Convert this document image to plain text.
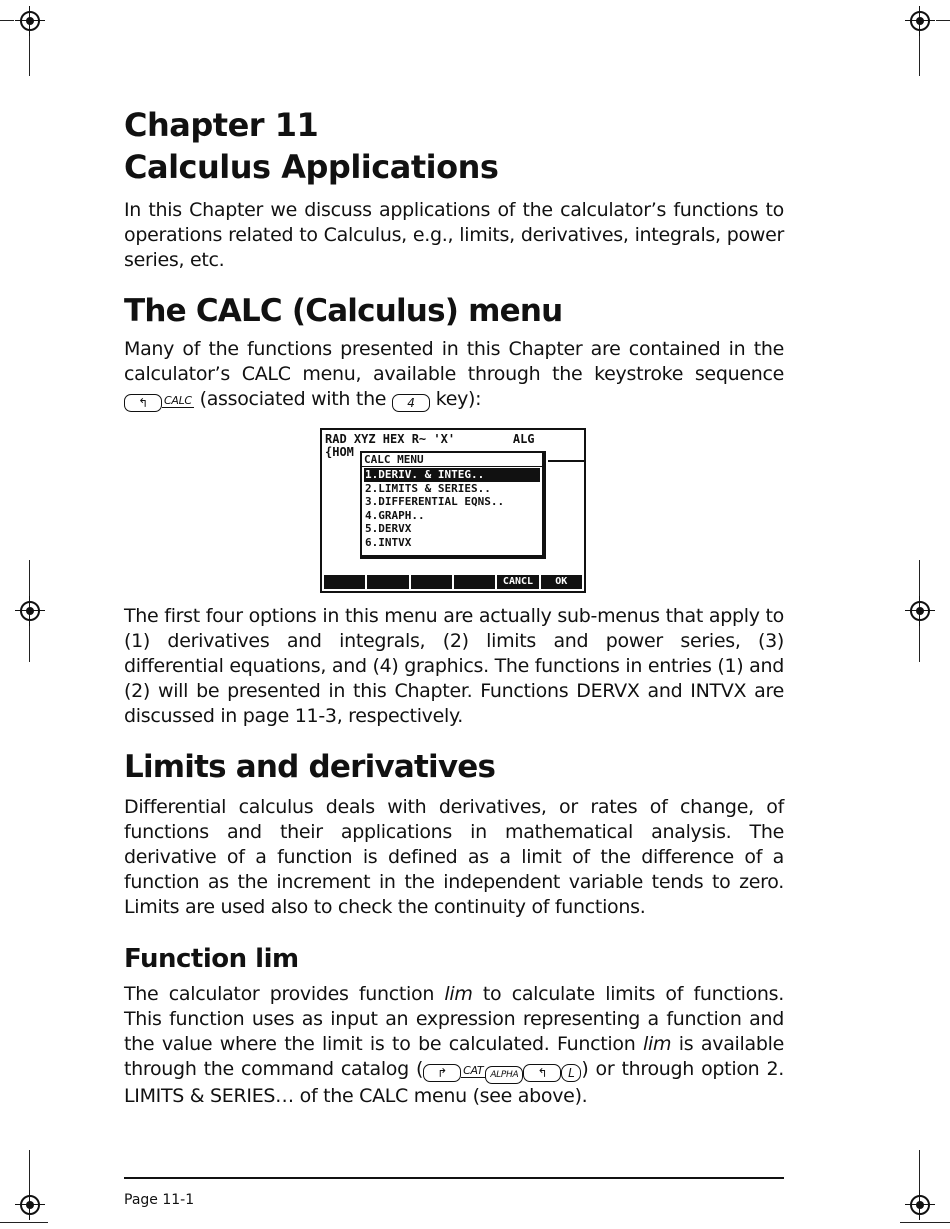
Chapter 11
Calculus Applications

In this Chapter we discuss applications of the calculator’s functions to operations related to Calculus, e.g., limits, derivatives, integrals, power series, etc.

The CALC (Calculus) menu

Many of the functions presented in this Chapter are contained in the calculator’s CALC menu, available through the keystroke sequence ↰ CALC (associated with the 4 key):

RAD XYZ HEX R~ 'X'        ALG
{HOM
CALC MENU
1.DERIV. & INTEG..
2.LIMITS & SERIES..
3.DIFFERENTIAL EQNS..
4.GRAPH..
5.DERVX
6.INTVX
CANCL	OK

The first four options in this menu are actually sub-menus that apply to (1) derivatives and integrals, (2) limits and power series, (3) differential equations, and (4) graphics. The functions in entries (1) and (2) will be presented in this Chapter. Functions DERVX and INTVX are discussed in page 11-3, respectively.

Limits and derivatives

Differential calculus deals with derivatives, or rates of change, of functions and their applications in mathematical analysis. The derivative of a function is defined as a limit of the difference of a function as the increment in the independent variable tends to zero. Limits are used also to check the continuity of functions.

Function lim

The calculator provides function lim to calculate limits of functions. This function uses as input an expression representing a function and the value where the limit is to be calculated. Function lim is available through the command catalog ( ↱ CAT ALPHA ↰ L ) or through option 2. LIMITS & SERIES… of the CALC menu (see above).

Page 11-1
